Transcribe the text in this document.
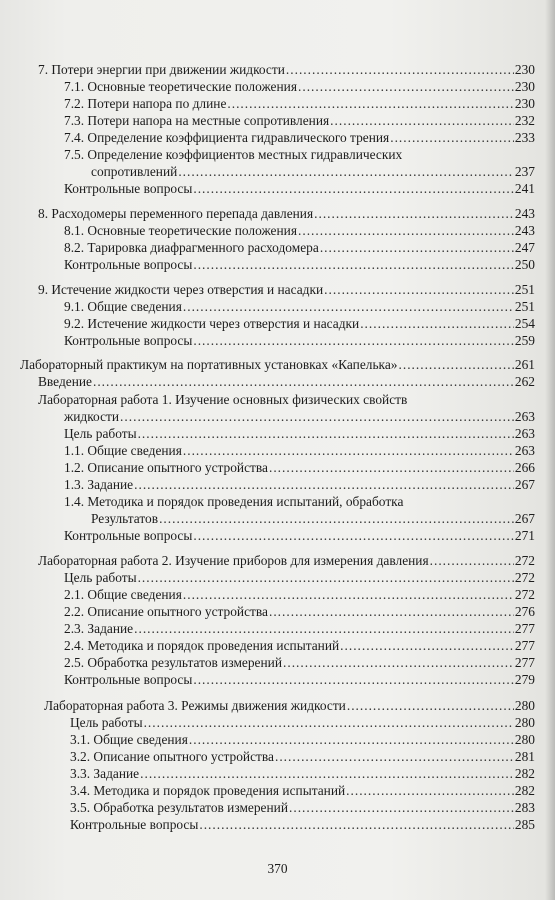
7. Потери энергии при движении жидкости .....	230
7.1. Основные теоретические положения .....	230
7.2. Потери напора по длине .....	230
7.3. Потери напора на местные сопротивления .....	232
7.4. Определение коэффициента гидравлического трения .....	233
7.5. Определение коэффициентов местных гидравлических
сопротивлений .....	237
Контрольные вопросы .....	241
8. Расходомеры переменного перепада давления .....	243
8.1. Основные теоретические положения .....	243
8.2. Тарировка диафрагменного расходомера .....	247
Контрольные вопросы .....	250
9. Истечение жидкости через отверстия и насадки .....	251
9.1. Общие сведения .....	251
9.2. Истечение жидкости через отверстия и насадки .....	254
Контрольные вопросы .....	259
Лабораторный практикум на портативных установках «Капелька» .....	261
Введение .....	262
Лабораторная работа 1. Изучение основных физических свойств
жидкости .....	263
Цель работы .....	263
1.1. Общие сведения .....	263
1.2. Описание опытного устройства .....	266
1.3. Задание .....	267
1.4. Методика и порядок проведения испытаний, обработка
Результатов .....	267
Контрольные вопросы .....	271
Лабораторная работа 2. Изучение приборов для измерения давления .....	272
Цель работы .....	272
2.1. Общие сведения .....	272
2.2. Описание опытного устройства .....	276
2.3. Задание .....	277
2.4. Методика и порядок проведения испытаний .....	277
2.5. Обработка результатов измерений .....	277
Контрольные вопросы .....	279
Лабораторная работа 3. Режимы движения жидкости .....	280
Цель работы .....	280
3.1. Общие сведения .....	280
3.2. Описание опытного устройства .....	281
3.3. Задание .....	282
3.4. Методика и порядок проведения испытаний .....	282
3.5. Обработка результатов измерений .....	283
Контрольные вопросы .....	285
370
